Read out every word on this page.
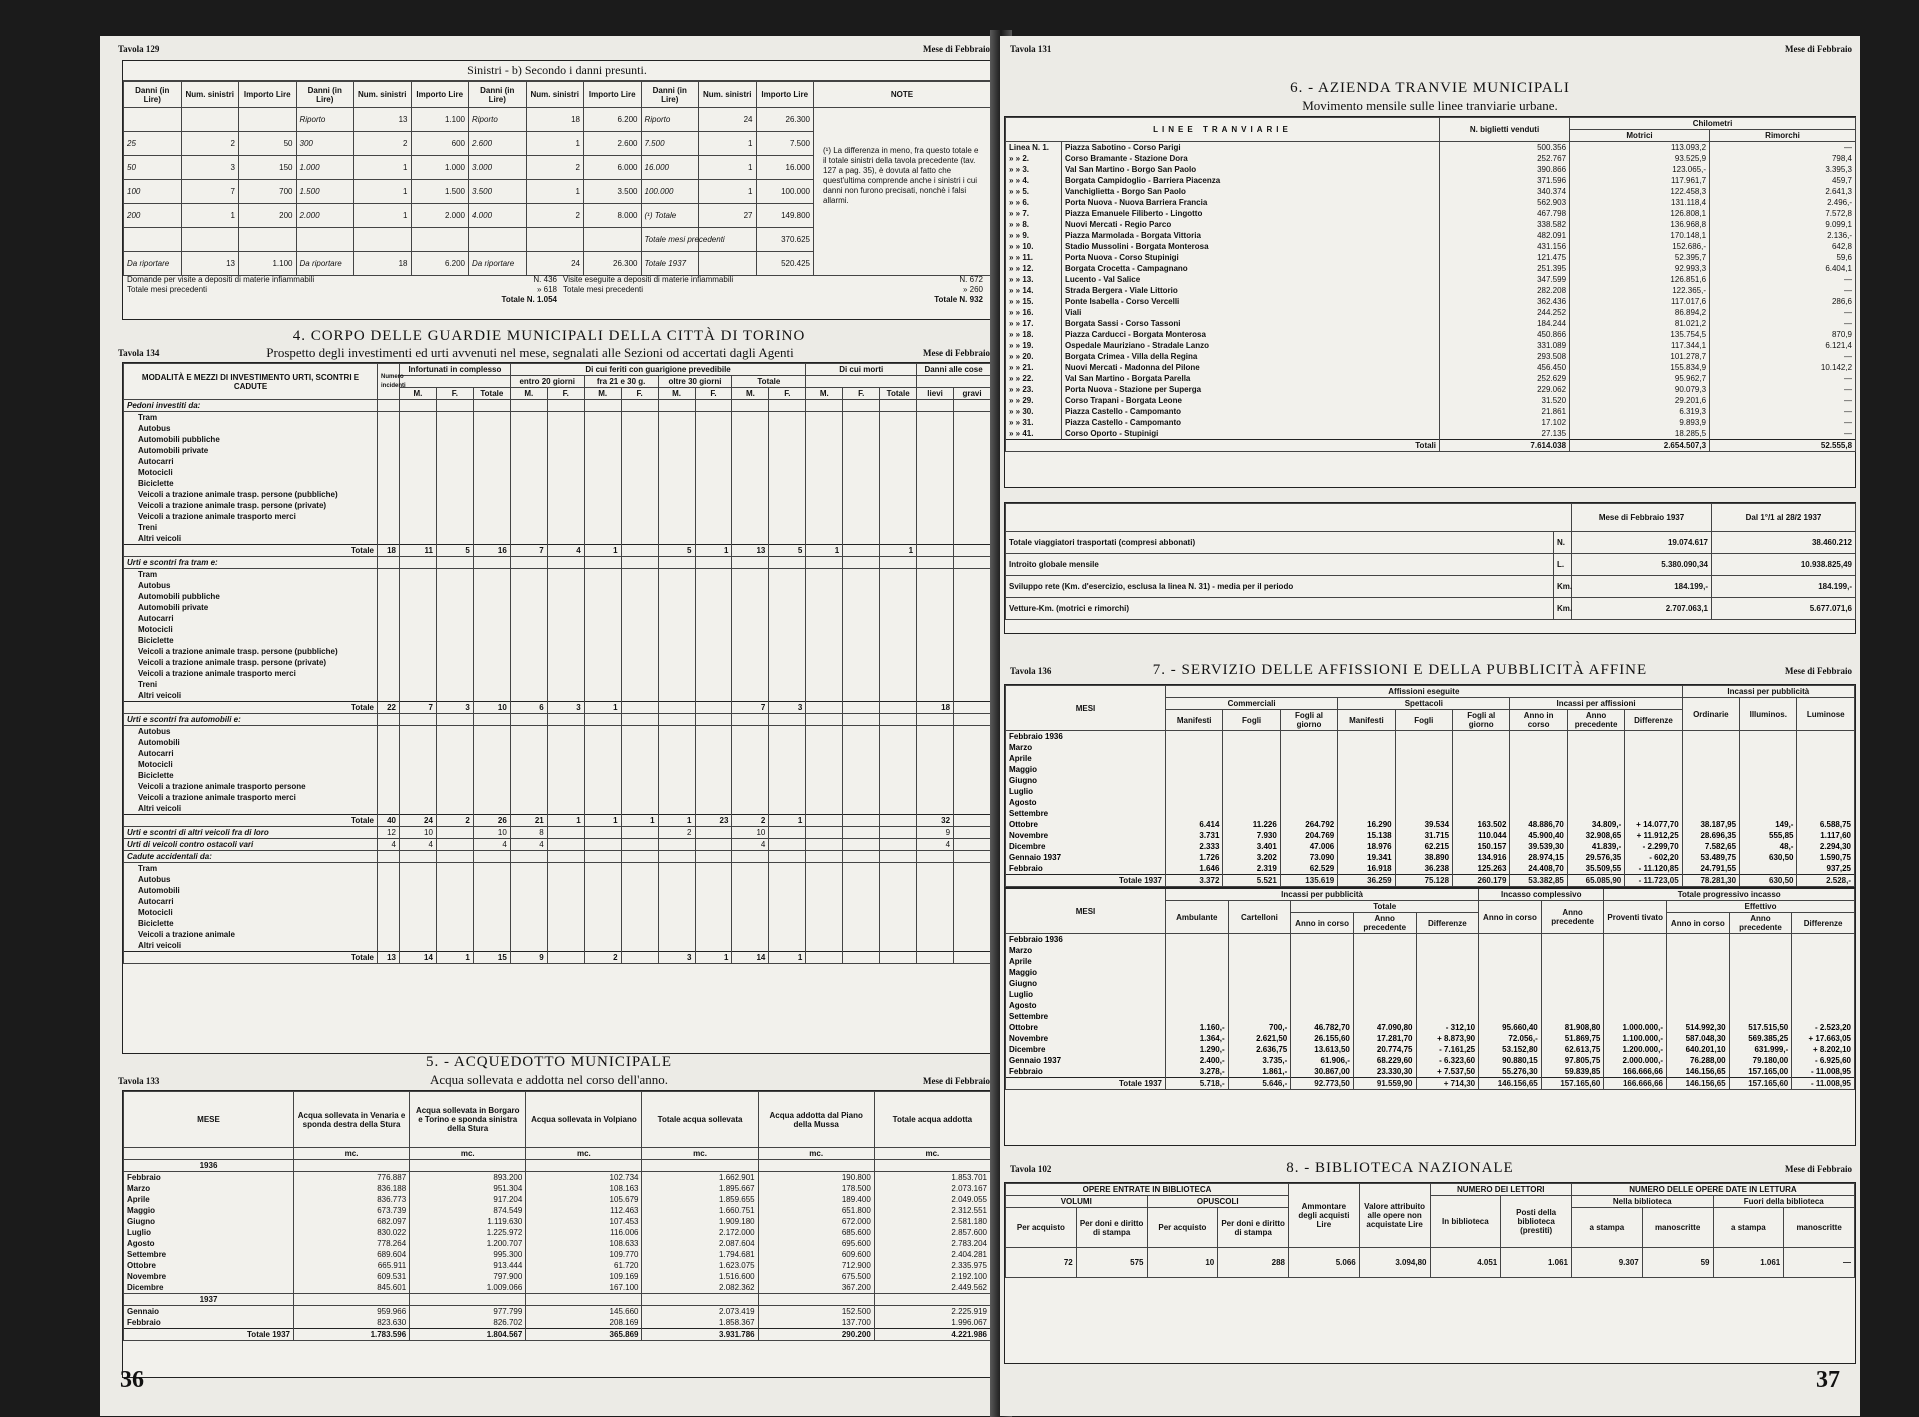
Tavola 129	Mese di Febbraio
Sinistri - b) Secondo i danni presunti.
Danni (in Lire)	Num. sinistri	Importo Lire	Danni (in Lire)	Num. sinistri	Importo Lire	Danni (in Lire)	Num. sinistri	Importo Lire	Danni (in Lire)	Num. sinistri	Importo Lire	NOTE
			Riporto	13	1.100	Riporto	18	6.200	Riporto	24	26.300	
25	2	50	300	2	600	2.600	1	2.600	7.500	1	7.500	
50	3	150	1.000	1	1.000	3.000	2	6.000	16.000	1	16.000	
100	7	700	1.500	1	1.500	3.500	1	3.500	100.000	1	100.000	
200	1	200	2.000	1	2.000	4.000	2	8.000	(¹) Totale	27	149.800	
									Totale mesi precedenti		370.625	
Da riportare	13	1.100	Da riportare	18	6.200	Da riportare	24	26.300	Totale 1937		520.425	
(¹) La differenza in meno, fra questo totale e il totale sinistri della tavola precedente (tav. 127 a pag. 35), è dovuta al fatto che quest'ultima comprende anche i sinistri i cui danni non furono precisati, nonchè i falsi allarmi.
Domande per visite a depositi di materie infiammabili	N. 436
Totale mesi precedenti	» 618
Totale N. 1.054
Visite eseguite a depositi di materie infiammabili	N. 672
Totale mesi precedenti	» 260
Totale N. 932
4. CORPO DELLE GUARDIE MUNICIPALI DELLA CITTÀ DI TORINO
Tavola 134	Prospetto degli investimenti ed urti avvenuti nel mese, segnalati alle Sezioni od accertati dagli Agenti	Mese di Febbraio
MODALITÀ E MEZZI DI INVESTIMENTO URTI, SCONTRI E CADUTE	Numero incidenti	Infortunati in complesso			Di cui feriti con guarigione prevedibile								Di cui morti			Danni alle cose	
					entro 20 giorni		fra 21 e 30 g.		oltre 30 giorni		Totale						
		M.	F.	Totale	M.	F.	M.	F.	M.	F.	M.	F.	M.	F.	Totale	lievi	gravi
Pedoni investiti da:																	
Tram																	
Autobus																	
Automobili pubbliche																	
Automobili private																	
Autocarri																	
Motocicli																	
Biciclette																	
Veicoli a trazione animale trasp. persone (pubbliche)																	
Veicoli a trazione animale trasp. persone (private)																	
Veicoli a trazione animale trasporto merci																	
Treni																	
Altri veicoli																	
Totale	18	11	5	16	7	4	1		5	1	13	5	1		1		
Urti e scontri fra tram e:																	
Tram																	
Autobus																	
Automobili pubbliche																	
Automobili private																	
Autocarri																	
Motocicli																	
Biciclette																	
Veicoli a trazione animale trasp. persone (pubbliche)																	
Veicoli a trazione animale trasp. persone (private)																	
Veicoli a trazione animale trasporto merci																	
Treni																	
Altri veicoli																	
Totale	22	7	3	10	6	3	1				7	3				18	
Urti e scontri fra automobili e:																	
Autobus																	
Automobili																	
Autocarri																	
Motocicli																	
Biciclette																	
Veicoli a trazione animale trasporto persone																	
Veicoli a trazione animale trasporto merci																	
Altri veicoli																	
Totale	40	24	2	26	21	1	1	1	1	23	2	1				32	
Urti e scontri di altri veicoli fra di loro	12	10		10	8				2		10					9	
Urti di veicoli contro ostacoli vari	4	4		4	4						4					4	
Cadute accidentali da:																	
Tram																	
Autobus																	
Automobili																	
Autocarri																	
Motocicli																	
Biciclette																	
Veicoli a trazione animale																	
Altri veicoli																	
Totale	13	14	1	15	9		2		3	1	14	1					
5. - ACQUEDOTTO MUNICIPALE
Acqua sollevata e addotta nel corso dell'anno.
Tavola 133	Mese di Febbraio
MESE	Acqua sollevata in Venaria e sponda destra della Stura	Acqua sollevata in Borgaro e Torino e sponda sinistra della Stura	Acqua sollevata in Volpiano	Totale acqua sollevata	Acqua addotta dal Piano della Mussa	Totale acqua addotta
	mc.	mc.	mc.	mc.	mc.	mc.
1936						
Febbraio	776.887	893.200	102.734	1.662.901	190.800	1.853.701
Marzo	836.188	951.304	108.163	1.895.667	178.500	2.073.167
Aprile	836.773	917.204	105.679	1.859.655	189.400	2.049.055
Maggio	673.739	874.549	112.463	1.660.751	651.800	2.312.551
Giugno	682.097	1.119.630	107.453	1.909.180	672.000	2.581.180
Luglio	830.022	1.225.972	116.006	2.172.000	685.600	2.857.600
Agosto	778.264	1.200.707	108.633	2.087.604	695.600	2.783.204
Settembre	689.604	995.300	109.770	1.794.681	609.600	2.404.281
Ottobre	665.911	913.444	61.720	1.623.075	712.900	2.335.975
Novembre	609.531	797.900	109.169	1.516.600	675.500	2.192.100
Dicembre	845.601	1.009.066	167.100	2.082.362	367.200	2.449.562
1937						
Gennaio	959.966	977.799	145.660	2.073.419	152.500	2.225.919
Febbraio	823.630	826.702	208.169	1.858.367	137.700	1.996.067
Totale 1937	1.783.596	1.804.567	365.869	3.931.786	290.200	4.221.986
36
Tavola 131	Mese di Febbraio
6. - AZIENDA TRANVIE MUNICIPALI
Movimento mensile sulle linee tranviarie urbane.
LINEE TRANVIARIE		N. biglietti venduti	Chilometri		
			Motrici	Rimorchi	
Linea N. 1.	Piazza Sabotino - Corso Parigi	500.356	113.093,2	—	
» » 2.	Corso Bramante - Stazione Dora	252.767	93.525,9	798,4	
» » 3.	Val San Martino - Borgo San Paolo	390.866	123.065,-	3.395,3	
» » 4.	Borgata Campidoglio - Barriera Piacenza	371.596	117.961,7	459,7	
» » 5.	Vanchiglietta - Borgo San Paolo	340.374	122.458,3	2.641,3	
» » 6.	Porta Nuova - Nuova Barriera Francia	562.903	131.118,4	2.496,-	
» » 7.	Piazza Emanuele Filiberto - Lingotto	467.798	126.808,1	7.572,8	
» » 8.	Nuovi Mercati - Regio Parco	338.582	136.968,8	9.099,1	
» » 9.	Piazza Marmolada - Borgata Vittoria	482.091	170.148,1	2.136,-	
» » 10.	Stadio Mussolini - Borgata Monterosa	431.156	152.686,-	642,8	
» » 11.	Porta Nuova - Corso Stupinigi	121.475	52.395,7	59,6	
» » 12.	Borgata Crocetta - Campagnano	251.395	92.993,3	6.404,1	
» » 13.	Lucento - Val Salice	347.599	126.851,6	—	
» » 14.	Strada Bergera - Viale Littorio	282.208	122.365,-	—	
» » 15.	Ponte Isabella - Corso Vercelli	362.436	117.017,6	286,6	
» » 16.	Viali	244.252	86.894,2	—	
» » 17.	Borgata Sassi - Corso Tassoni	184.244	81.021,2	—	
» » 18.	Piazza Carducci - Borgata Monterosa	450.866	135.754,5	870,9	
» » 19.	Ospedale Mauriziano - Stradale Lanzo	331.089	117.344,1	6.121,4	
» » 20.	Borgata Crimea - Villa della Regina	293.508	101.278,7	—	
» » 21.	Nuovi Mercati - Madonna del Pilone	456.450	155.834,9	10.142,2	
» » 22.	Val San Martino - Borgata Parella	252.629	95.962,7	—	
» » 23.	Porta Nuova - Stazione per Superga	229.062	90.079,3	—	
» » 29.	Corso Trapani - Borgata Leone	31.520	29.201,6	—	
» » 30.	Piazza Castello - Campomanto	21.861	6.319,3	—	
» » 31.	Piazza Castello - Campomanto	17.102	9.893,9	—	
» » 41.	Corso Oporto - Stupinigi	27.135	18.285,5	—	
Totali		7.614.038	2.654.507,3	52.555,8	
		Mese di Febbraio 1937	Dal 1°/1 al 28/2 1937
Totale viaggiatori trasportati (compresi abbonati)	N.	19.074.617	38.460.212
Introito globale mensile	L.	5.380.090,34	10.938.825,49
Sviluppo rete (Km. d'esercizio, esclusa la linea N. 31) - media per il periodo	Km.	184.199,-	184.199,-
Vetture-Km. (motrici e rimorchi)	Km.	2.707.063,1	5.677.071,6
Tavola 136	7. - SERVIZIO DELLE AFFISSIONI E DELLA PUBBLICITÀ AFFINE	Mese di Febbraio
MESI	Affissioni eseguite									Incassi per pubblicità		
	Commerciali			Spettacoli			Incassi per affissioni			Ordinarie	Illuminos.	Luminose
	Manifesti	Fogli	Fogli al giorno	Manifesti	Fogli	Fogli al giorno	Anno in corso	Anno precedente	Differenze			
Febbraio 1936												
Marzo												
Aprile												
Maggio												
Giugno												
Luglio												
Agosto												
Settembre												
Ottobre	6.414	11.226	264.792	16.290	39.534	163.502	48.886,70	34.809,-	+ 14.077,70	38.187,95	149,-	6.588,75
Novembre	3.731	7.930	204.769	15.138	31.715	110.044	45.900,40	32.908,65	+ 11.912,25	28.696,35	555,85	1.117,60
Dicembre	2.333	3.401	47.006	18.976	62.215	150.157	39.539,30	41.839,-	- 2.299,70	7.582,65	48,-	2.294,30
Gennaio 1937	1.726	3.202	73.090	19.341	38.890	134.916	28.974,15	29.576,35	- 602,20	53.489,75	630,50	1.590,75
Febbraio	1.646	2.319	62.529	16.918	36.238	125.263	24.408,70	35.509,55	- 11.120,85	24.791,55		937,25
Totale 1937	3.372	5.521	135.619	36.259	75.128	260.179	53.382,85	65.085,90	- 11.723,05	78.281,30	630,50	2.528,-
MESI	Incassi per pubblicità					Incasso complessivo		Totale progressivo incasso			
	Ambulante	Cartelloni	Totale			Anno in corso	Anno precedente	Proventi tivato	Effettivo		
			Anno in corso	Anno precedente	Differenze				Anno in corso	Anno precedente	Differenze
Febbraio 1936											
Marzo											
Aprile											
Maggio											
Giugno											
Luglio											
Agosto											
Settembre											
Ottobre	1.160,-	700,-	46.782,70	47.090,80	- 312,10	95.660,40	81.908,80	1.000.000,-	514.992,30	517.515,50	- 2.523,20
Novembre	1.364,-	2.621,50	26.155,60	17.281,70	+ 8.873,90	72.056,-	51.869,75	1.100.000,-	587.048,30	569.385,25	+ 17.663,05
Dicembre	1.290,-	2.636,75	13.613,50	20.774,75	- 7.161,25	53.152,80	62.613,75	1.200.000,-	640.201,10	631.999,-	+ 8.202,10
Gennaio 1937	2.400,-	3.735,-	61.906,-	68.229,60	- 6.323,60	90.880,15	97.805,75	2.000.000,-	76.288,00	79.180,00	- 6.925,60
Febbraio	3.278,-	1.861,-	30.867,00	23.330,30	+ 7.537,50	55.276,30	59.839,85	166.666,66	146.156,65	157.165,00	- 11.008,95
Totale 1937	5.718,-	5.646,-	92.773,50	91.559,90	+ 714,30	146.156,65	157.165,60	166.666,66	146.156,65	157.165,60	- 11.008,95
Tavola 102	8. - BIBLIOTECA NAZIONALE	Mese di Febbraio
OPERE ENTRATE IN BIBLIOTECA				Ammontare degli acquisti Lire	Valore attribuito alle opere non acquistate Lire	NUMERO DEI LETTORI		NUMERO DELLE OPERE DATE IN LETTURA			
VOLUMI		OPUSCOLI				In biblioteca	Posti della biblioteca (prestiti)	Nella biblioteca		Fuori della biblioteca	
Per acquisto	Per doni e diritto di stampa	Per acquisto	Per doni e diritto di stampa					a stampa	manoscritte	a stampa	manoscritte
72	575	10	288	5.066	3.094,80	4.051	1.061	9.307	59	1.061	—
37
